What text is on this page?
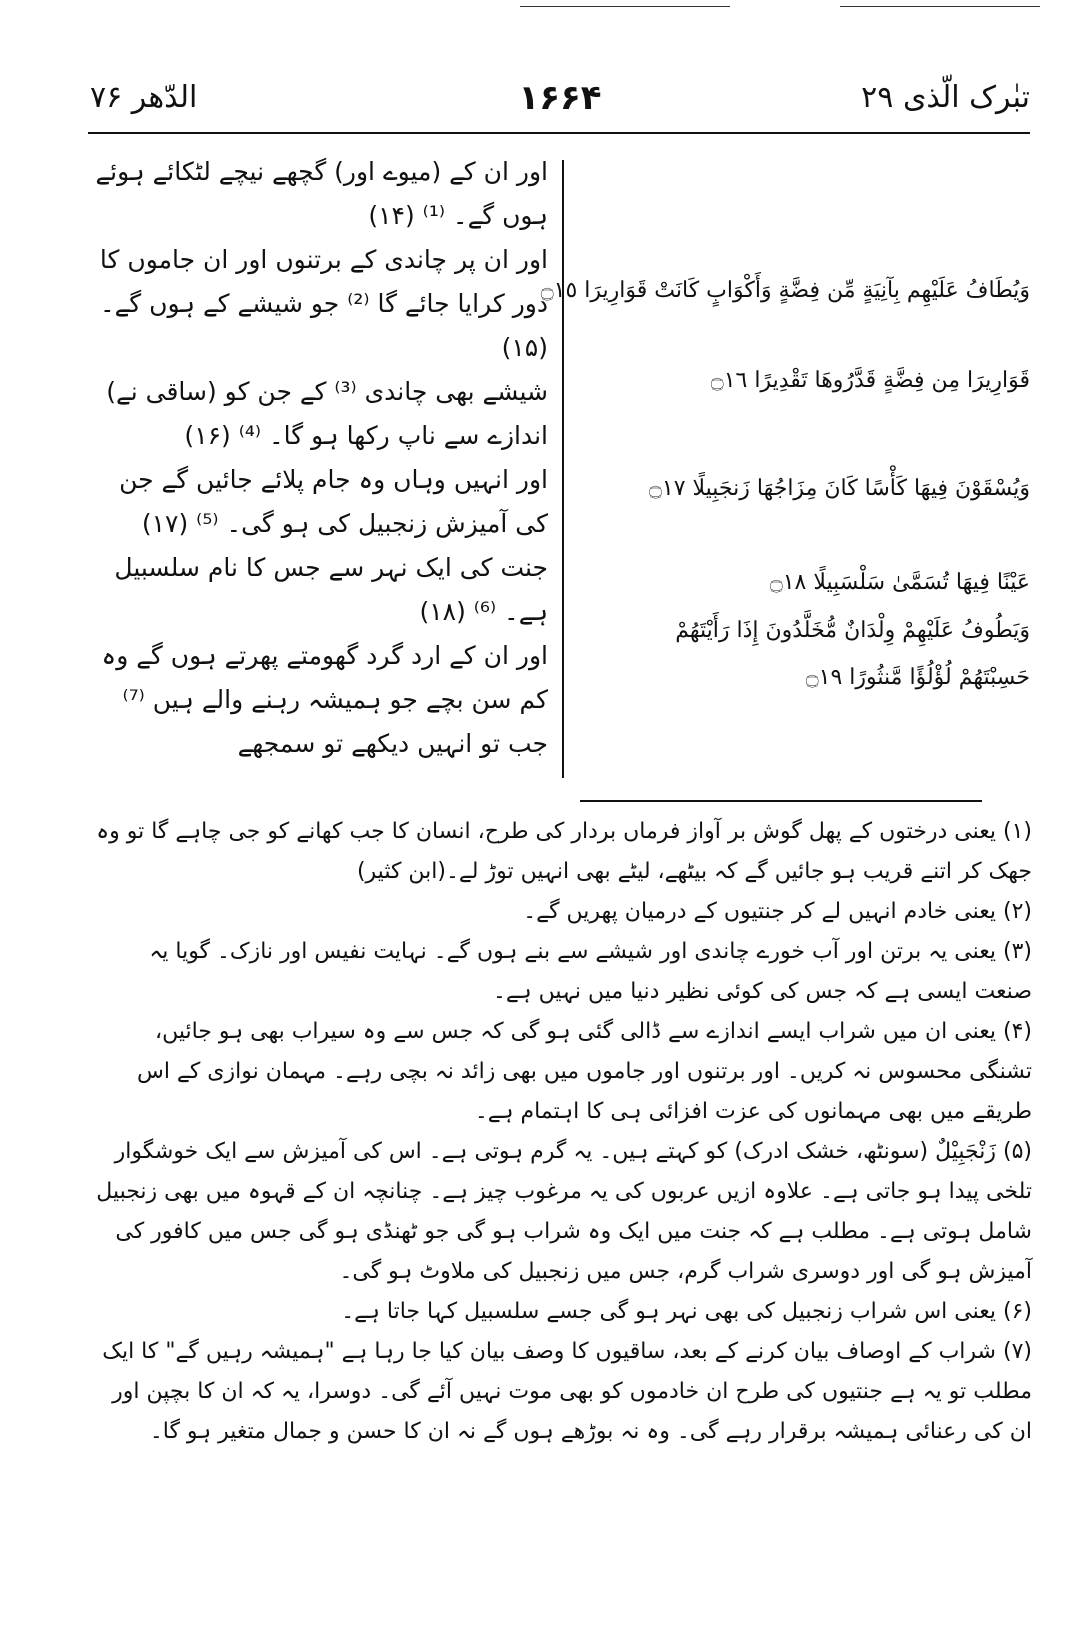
۱۶۶۴
الدّھر ۷۶	تبٰرک الّذی ۲۹

اور ان کے (میوے اور) گچھے نیچے لٹکائے ہوئے ہوں گے۔ ⁽¹⁾ (۱۴)

اور ان پر چاندی کے برتنوں اور ان جاموں کا دور کرایا جائے گا ⁽²⁾ جو شیشے کے ہوں گے۔(۱۵)

شیشے بھی چاندی ⁽³⁾ کے جن کو (ساقی نے) اندازے سے ناپ رکھا ہو گا۔ ⁽⁴⁾ (۱۶)

اور انہیں وہاں وہ جام پلائے جائیں گے جن کی آمیزش زنجبیل کی ہو گی۔ ⁽⁵⁾ (۱۷)

جنت کی ایک نہر سے جس کا نام سلسبیل ہے۔ ⁽⁶⁾ (۱۸)

اور ان کے ارد گرد گھومتے پھرتے ہوں گے وہ کم سن بچے جو ہمیشہ رہنے والے ہیں ⁽⁷⁾ جب تو انہیں دیکھے تو سمجھے

وَيُطَافُ عَلَيْهِم بِآنِيَةٍ مِّن فِضَّةٍ وَأَكْوَابٍ كَانَتْ قَوَارِيرَا ۝١٥
قَوَارِيرَا مِن فِضَّةٍ قَدَّرُوهَا تَقْدِيرًا ۝١٦
وَيُسْقَوْنَ فِيهَا كَأْسًا كَانَ مِزَاجُهَا زَنجَبِيلًا ۝١٧
عَيْنًا فِيهَا تُسَمَّىٰ سَلْسَبِيلًا ۝١٨
وَيَطُوفُ عَلَيْهِمْ وِلْدَانٌ مُّخَلَّدُونَ إِذَا رَأَيْتَهُمْ
حَسِبْتَهُمْ لُؤْلُؤًا مَّنثُورًا ۝١٩

(۱) یعنی درختوں کے پھل گوش بر آواز فرماں بردار کی طرح، انسان کا جب کھانے کو جی چاہے گا تو وہ جھک کر اتنے قریب ہو جائیں گے کہ بیٹھے، لیٹے بھی انہیں توڑ لے۔(ابن کثیر)

(۲) یعنی خادم انہیں لے کر جنتیوں کے درمیان پھریں گے۔

(۳) یعنی یہ برتن اور آب خورے چاندی اور شیشے سے بنے ہوں گے۔ نہایت نفیس اور نازک۔ گویا یہ صنعت ایسی ہے کہ جس کی کوئی نظیر دنیا میں نہیں ہے۔

(۴) یعنی ان میں شراب ایسے اندازے سے ڈالی گئی ہو گی کہ جس سے وہ سیراب بھی ہو جائیں، تشنگی محسوس نہ کریں۔ اور برتنوں اور جاموں میں بھی زائد نہ بچی رہے۔ مہمان نوازی کے اس طریقے میں بھی مہمانوں کی عزت افزائی ہی کا اہتمام ہے۔

(۵) زَنْجَبِیْلٌ (سونٹھ، خشک ادرک) کو کہتے ہیں۔ یہ گرم ہوتی ہے۔ اس کی آمیزش سے ایک خوشگوار تلخی پیدا ہو جاتی ہے۔ علاوہ ازیں عربوں کی یہ مرغوب چیز ہے۔ چنانچہ ان کے قہوہ میں بھی زنجبیل شامل ہوتی ہے۔ مطلب ہے کہ جنت میں ایک وہ شراب ہو گی جو ٹھنڈی ہو گی جس میں کافور کی آمیزش ہو گی اور دوسری شراب گرم، جس میں زنجبیل کی ملاوٹ ہو گی۔

(۶) یعنی اس شراب زنجبیل کی بھی نہر ہو گی جسے سلسبیل کہا جاتا ہے۔

(۷) شراب کے اوصاف بیان کرنے کے بعد، ساقیوں کا وصف بیان کیا جا رہا ہے "ہمیشہ رہیں گے" کا ایک مطلب تو یہ ہے جنتیوں کی طرح ان خادموں کو بھی موت نہیں آئے گی۔ دوسرا، یہ کہ ان کا بچپن اور ان کی رعنائی ہمیشہ برقرار رہے گی۔ وہ نہ بوڑھے ہوں گے نہ ان کا حسن و جمال متغیر ہو گا۔
